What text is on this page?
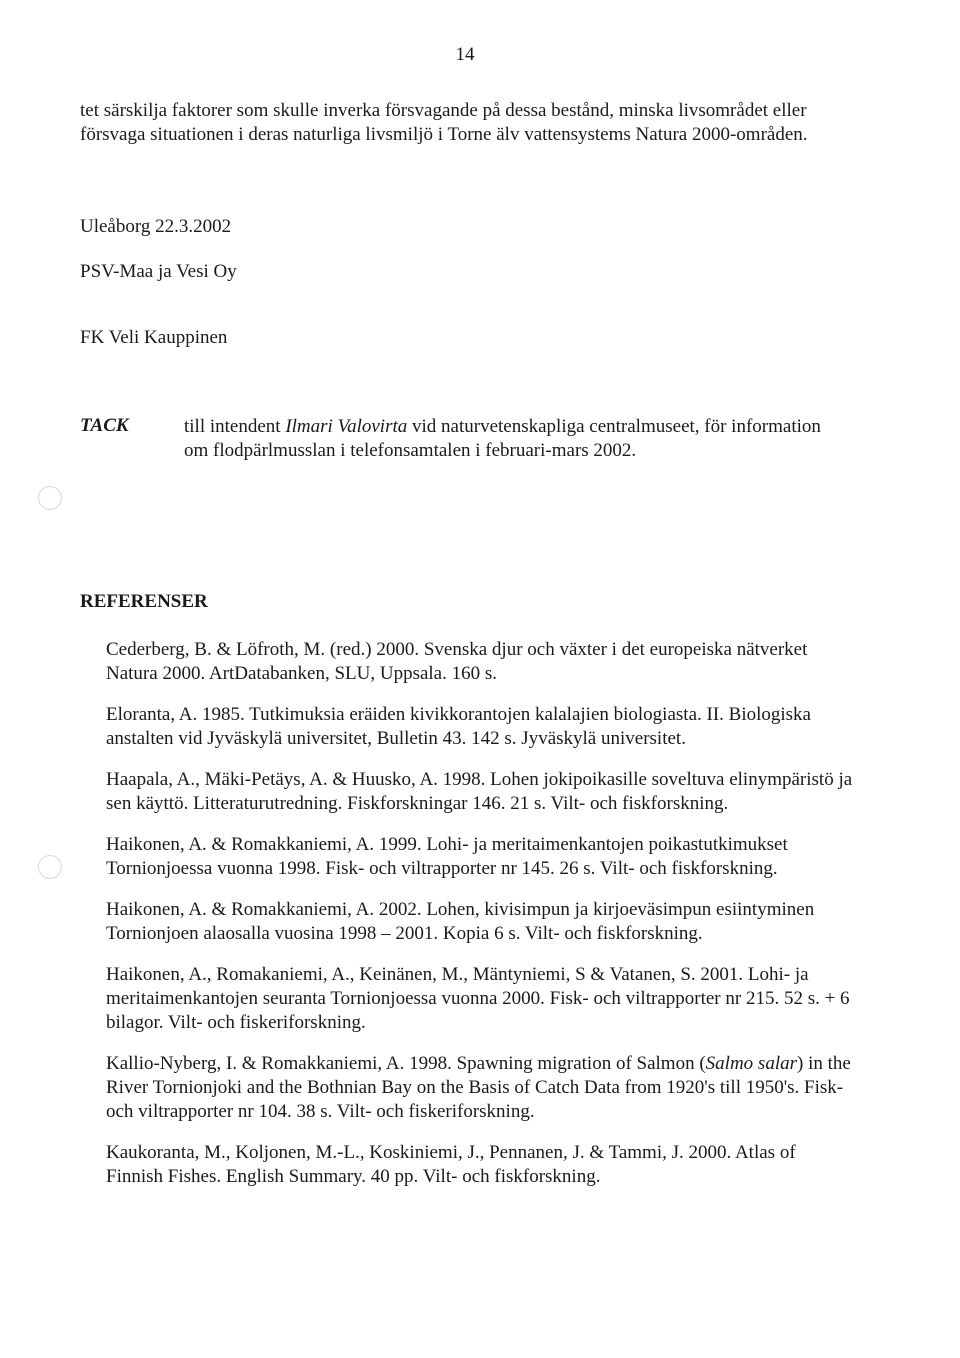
14
tet särskilja faktorer som skulle inverka försvagande på dessa bestånd, minska livsområdet eller försvaga situationen i deras naturliga livsmiljö i Torne älv vattensystems Natura 2000-områden.
Uleåborg 22.3.2002
PSV-Maa ja Vesi Oy
FK Veli Kauppinen
TACK	till intendent Ilmari Valovirta vid naturvetenskapliga centralmuseet, för information om flodpärlmusslan i telefonsamtalen i februari-mars 2002.
REFERENSER
Cederberg, B. & Löfroth, M. (red.) 2000. Svenska djur och växter i det europeiska nätverket Natura 2000. ArtDatabanken, SLU, Uppsala. 160 s.
Eloranta, A. 1985. Tutkimuksia eräiden kivikkorantojen kalalajien biologiasta. II. Biologiska anstalten vid Jyväskylä universitet, Bulletin 43. 142 s. Jyväskylä universitet.
Haapala, A., Mäki-Petäys, A. & Huusko, A. 1998. Lohen jokipoikasille soveltuva elinympäristö ja sen käyttö. Litteraturutredning. Fiskforskningar 146. 21 s. Vilt- och fiskforskning.
Haikonen, A. & Romakkaniemi, A. 1999. Lohi- ja meritaimenkantojen poikastutkimukset Tornionjoessa vuonna 1998. Fisk- och viltrapporter nr 145. 26 s. Vilt- och fiskforskning.
Haikonen, A. & Romakkaniemi, A. 2002. Lohen, kivisimpun ja kirjoeväsimpun esiintyminen Tornionjoen alaosalla vuosina 1998 – 2001. Kopia 6 s. Vilt- och fiskforskning.
Haikonen, A., Romakaniemi, A., Keinänen, M., Mäntyniemi, S & Vatanen, S. 2001. Lohi- ja meritaimenkantojen seuranta Tornionjoessa vuonna 2000. Fisk- och viltrapporter nr 215. 52 s. + 6 bilagor. Vilt- och fiskeriforskning.
Kallio-Nyberg, I. & Romakkaniemi, A. 1998. Spawning migration of Salmon (Salmo salar) in the River Tornionjoki and the Bothnian Bay on the Basis of Catch Data from 1920's till 1950's. Fisk- och viltrapporter nr 104. 38 s. Vilt- och fiskeriforskning.
Kaukoranta, M., Koljonen, M.-L., Koskiniemi, J., Pennanen, J. & Tammi, J. 2000. Atlas of Finnish Fishes. English Summary. 40 pp. Vilt- och fiskforskning.
